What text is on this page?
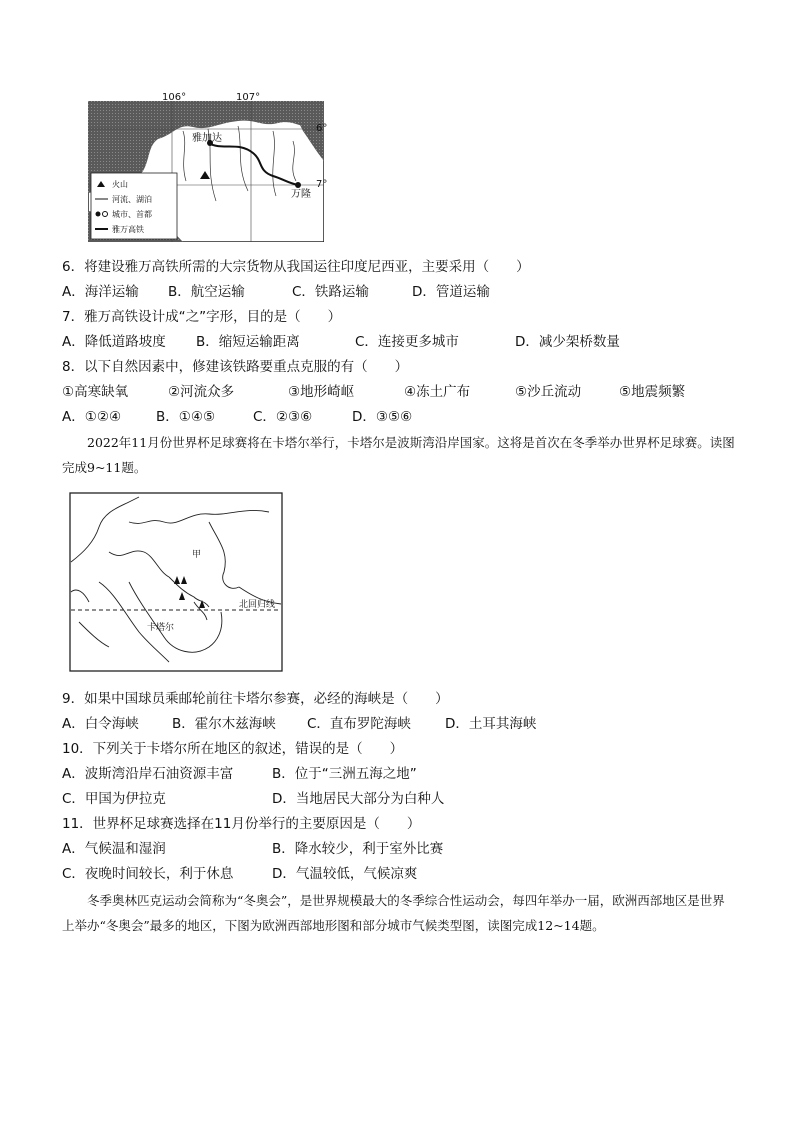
雅加达
万隆
火山
河流、湖泊
城市、首都
雅万高铁
106°	107°
6°
7°
6．将建设雅万高铁所需的大宗货物从我国运往印度尼西亚，主要采用（　　）
A．海洋运输 B．航空运输	C．铁路运输	D．管道运输
7．雅万高铁设计成“之”字形，目的是（　　）
A．降低道路坡度 B．缩短运输距离	C．连接更多城市	D．减少架桥数量
8．以下自然因素中，修建该铁路要重点克服的有（　　）
①高寒缺氧	②河流众多	③地形崎岖	④冻土广布	⑤沙丘流动	⑤地震频繁
A．①②④	B．①④⑤	C．②③⑥	D．③⑤⑥
2022年11月份世界杯足球赛将在卡塔尔举行，卡塔尔是波斯湾沿岸国家。这将是首次在冬季举办世界杯足球赛。读图完成9~11题。
甲
北回归线
卡塔尔
9．如果中国球员乘邮轮前往卡塔尔参赛，必经的海峡是（　　）
A．白令海峡 B．霍尔木兹海峡 C．直布罗陀海峡	D．土耳其海峡
10．下列关于卡塔尔所在地区的叙述，错误的是（　　）
A．波斯湾沿岸石油资源丰富	B．位于“三洲五海之地”
C．甲国为伊拉克	D．当地居民大部分为白种人
11．世界杯足球赛选择在11月份举行的主要原因是（　　）
A．气候温和湿润	B．降水较少，利于室外比赛
C．夜晚时间较长，利于休息	D．气温较低，气候凉爽
冬季奥林匹克运动会简称为“冬奥会”，是世界规模最大的冬季综合性运动会，每四年举办一届，欧洲西部地区是世界上举办“冬奥会”最多的地区，下图为欧洲西部地形图和部分城市气候类型图，读图完成12~14题。
